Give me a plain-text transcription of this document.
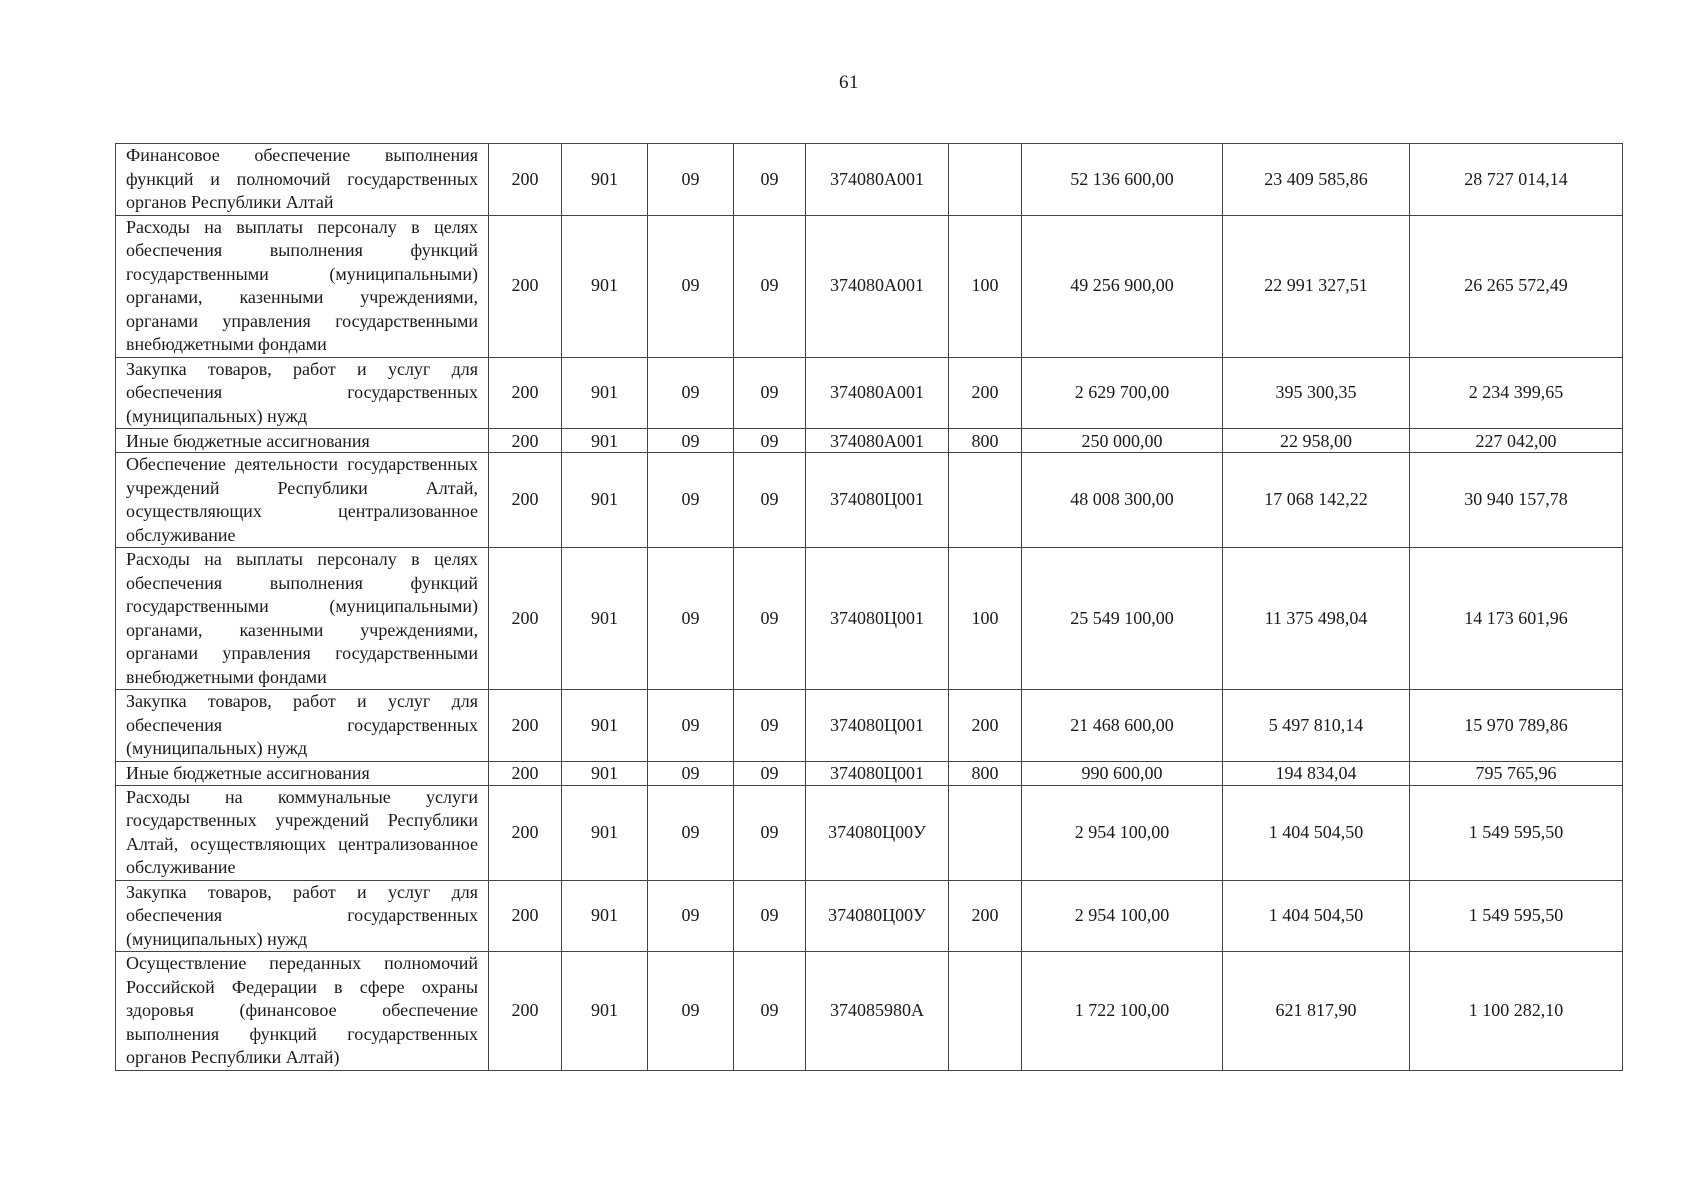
61
Финансовое обеспечение выполнения функций и полномочий государственных органов Республики Алтай	200	901	09	09	374080А001		52 136 600,00	23 409 585,86	28 727 014,14
Расходы на выплаты персоналу в целях обеспечения выполнения функций государственными (муниципальными) органами, казенными учреждениями, органами управления государственными внебюджетными фондами	200	901	09	09	374080А001	100	49 256 900,00	22 991 327,51	26 265 572,49
Закупка товаров, работ и услуг для обеспечения государственных (муниципальных) нужд	200	901	09	09	374080А001	200	2 629 700,00	395 300,35	2 234 399,65
Иные бюджетные ассигнования	200	901	09	09	374080А001	800	250 000,00	22 958,00	227 042,00
Обеспечение деятельности государственных учреждений Республики Алтай, осуществляющих централизованное обслуживание	200	901	09	09	374080Ц001		48 008 300,00	17 068 142,22	30 940 157,78
Расходы на выплаты персоналу в целях обеспечения выполнения функций государственными (муниципальными) органами, казенными учреждениями, органами управления государственными внебюджетными фондами	200	901	09	09	374080Ц001	100	25 549 100,00	11 375 498,04	14 173 601,96
Закупка товаров, работ и услуг для обеспечения государственных (муниципальных) нужд	200	901	09	09	374080Ц001	200	21 468 600,00	5 497 810,14	15 970 789,86
Иные бюджетные ассигнования	200	901	09	09	374080Ц001	800	990 600,00	194 834,04	795 765,96
Расходы на коммунальные услуги государственных учреждений Республики Алтай, осуществляющих централизованное обслуживание	200	901	09	09	374080Ц00У		2 954 100,00	1 404 504,50	1 549 595,50
Закупка товаров, работ и услуг для обеспечения государственных (муниципальных) нужд	200	901	09	09	374080Ц00У	200	2 954 100,00	1 404 504,50	1 549 595,50
Осуществление переданных полномочий Российской Федерации в сфере охраны здоровья (финансовое обеспечение выполнения функций государственных органов Республики Алтай)	200	901	09	09	374085980А		1 722 100,00	621 817,90	1 100 282,10
